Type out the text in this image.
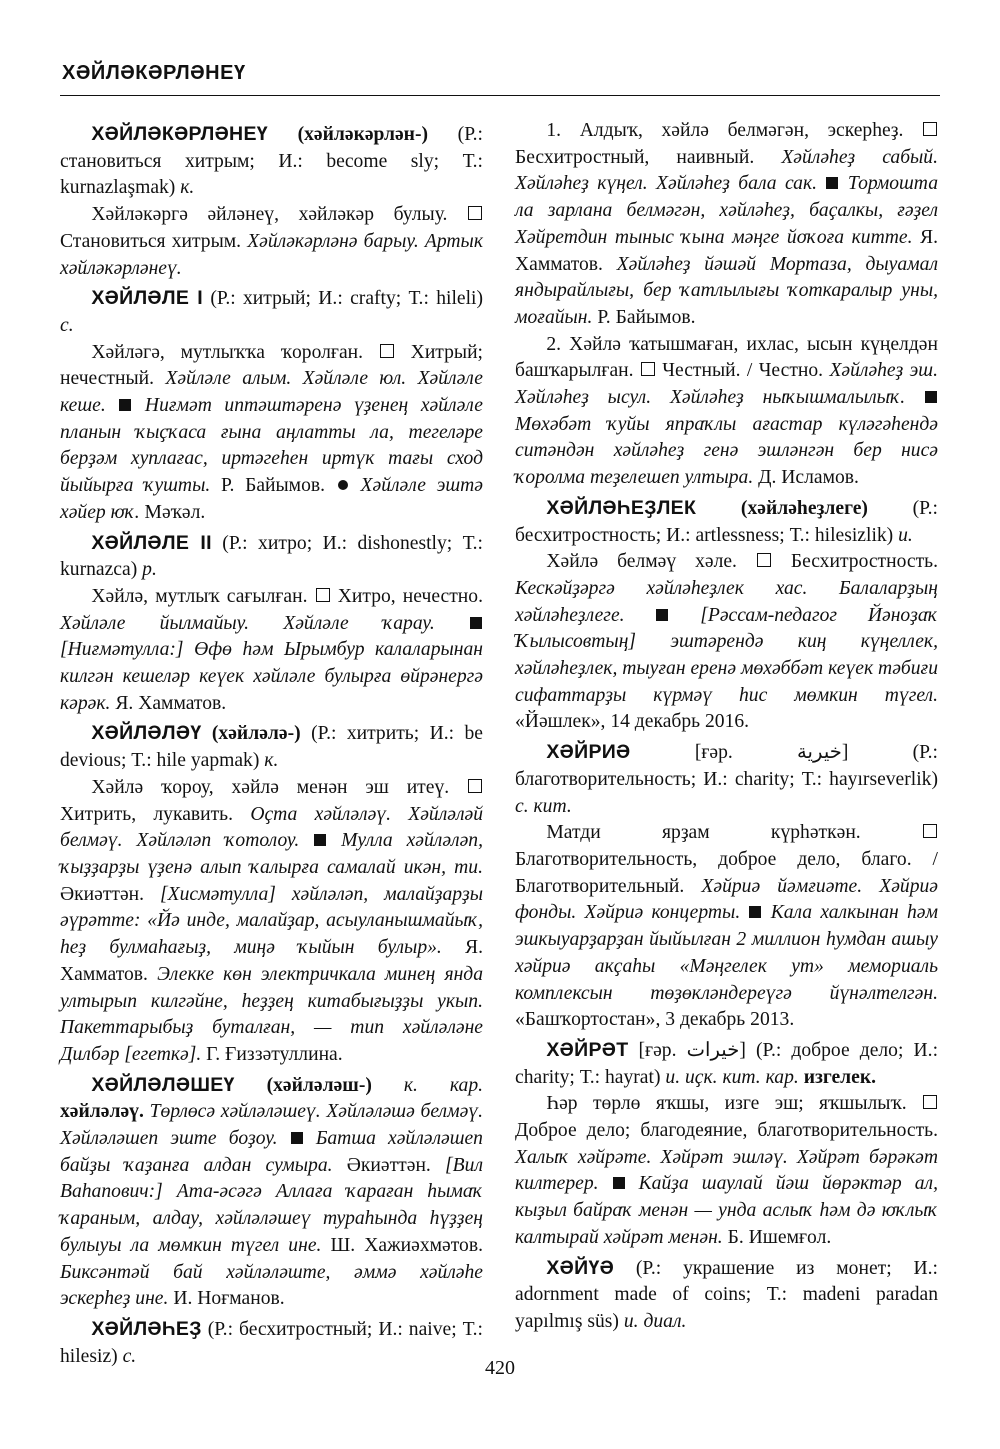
ХӘЙЛӘКӘРЛӘНЕҮ

ХӘЙЛӘКӘРЛӘНЕҮ (хәйләкәрлән-) (Р.: становиться хитрым; И.: become sly; Т.: kurnazlaşmak) к.

Хәйләкәргә әйләнеү, хәйләкәр булыу.  Становиться хитрым. Хәйләкәрләнә барыу. Артык хәйләкәрләнеү.

ХӘЙЛӘЛЕ I (Р.: хитрый; И.: crafty; Т.: hileli) с.

Хәйләгә, мутлыҡҡа ҡоролған. Хитрый; нечестный. Хәйләле алым. Хәйләле юл. Хәйләле кеше. Ниғмәт иптәштәренә үҙенең хәйләле планын ҡыҫҡаса ғына аңлатты ла, тегеләре берҙәм хуплағас, иртәгеһен иртүк тағы сход йыйырға ҡушты. Р. Байымов. Хәйләле эштә хәйер юҡ. Мәҡәл.

ХӘЙЛӘЛЕ II (Р.: хитро; И.: dishonestly; Т.: kurnazca) р.

Хәйлә, мутлыҡ сағылған. Хитро, нечестно. Хәйләле йылмайыу. Хәйләле ҡарау.  [Ниғмәтулла:] Өфө һәм Ырымбур калаларынан килгән кешеләр кеүек хәйләле булырға өйрәнергә кәрәк. Я. Хамматов.

ХӘЙЛӘЛӘҮ (хәйләлә-) (Р.: хитрить; И.: be devious; Т.: hile yapmak) к.

Хәйлә ҡороу, хәйлә менән эш итеү.  Хитрить, лукавить. Оҫта хәйләләү. Хәйләләй белмәү. Хәйләләп ҡотолоу. Мулла хәйләләп, ҡыҙҙарҙы үҙенә алып ҡалырға самалай икән, ти. Әкиәттән. [Хисмәтулла] хәйләләп, малайҙарҙы әүрәтте: «Йә инде, малайҙар, асыуланышмайыҡ, һеҙ булмаһағыҙ, миңә ҡыйын булыр». Я. Хамматов. Элекке көн электричкала минең янда ултырып килгәйне, һеҙҙең китабығыҙҙы укып. Пакеттарыбыҙ буталған, — тип хәйләләне Дилбәр [егеткә]. Г. Ғиззәтуллина.

ХӘЙЛӘЛӘШЕҮ (хәйләләш-) к. кар. хәйләләү. Төрлөсә хәйләләшеү. Хәйләләшә белмәү. Хәйләләшеп эште боҙоу. Батша хәйләләшеп байҙы ҡаҙанға алдан сумыра. Әкиәттән. [Вил Ваһапович:] Ата-әсәгә Аллаға ҡараған һымаҡ ҡараным, алдау, хәйләләшеү тураһында һүҙҙең булыуы ла мөмкин түгел ине. Ш. Хажиәхмәтов. Биксәнтәй бай хәйләләште, әммә хәйләһе эскерһеҙ ине. И. Ноғманов.

ХӘЙЛӘҺЕҘ (Р.: бесхитростный; И.: naive; Т.: hilesiz) с.

1. Алдыҡ, хәйлә белмәгән, эскерһеҙ.  Бесхитростный, наивный. Хәйләһеҙ сабый. Хәйләһеҙ күңел. Хәйләһеҙ бала сак. Тормошта ла зарлана белмәгән, хәйләһеҙ, баҫалкы, ғәҙел Хәйретдин тыныс ҡына мәңге йоҡоға китте. Я. Хамматов. Хәйләһеҙ йәшәй Мортаза, дыуамал яндырайлығы, бер ҡатлылығы ҡоткаралыр уны, моғайын. Р. Байымов.

2. Хәйлә ҡатышмаған, ихлас, ысын күңелдән башҡарылған. Честный. / Честно. Хәйләһеҙ эш. Хәйләһеҙ ысул. Хәйләһеҙ ныҡышмалылыҡ.  Мөхәбәт ҡуйы япраҡлы ағастар күләгәһендә ситәндән хәйләһеҙ генә эшләнгән бер нисә ҡоролма теҙелешеп ултыра. Д. Исламов.

ХӘЙЛӘҺЕҘЛЕК (хәйләһеҙлеге) (Р.: бесхитростность; И.: artlessness; Т.: hilesizlik) и.

Хәйлә белмәү хәле.	Бесхитростность. Кескәйҙәргә хәйләһеҙлек хас. Балаларҙың хәйләһеҙлеге.	[Рәссам-педагог Йәноҙаҡ Ҡылысовтың] эштәрендә киң күңеллек, хәйләһеҙлек, тыуған еренә мөхәббәт кеүек тәбиғи сифаттарҙы күрмәү һис мөмкин түгел. «Йәшлек», 14 декабрь 2016.

ХӘЙРИӘ	[ғәр. خيرية]	(Р.: благотворительность; И.: charity; Т.: hayırseverlik) с. кит.

Матди ярҙам күрһәткән.  Благотворительность, доброе дело, благо. / Благотворительный. Хәйриә йәмғиәте. Хәйриә фонды. Хәйриә концерты. Кала халкынан һәм эшкыуарҙарҙан йыйылған 2 миллион һумдан ашыу хәйриә акҫаһы «Мәңгелек ут» мемориаль комплексын төҙөкләндереүгә йүнәлтелгән. «Башҡортостан», 3 декабрь 2013.

ХӘЙРӘТ [ғәр. خيرات] (Р.: доброе дело; И.: charity; Т.: hayrat) и. иҫк. кит. кар. изгелек.

Һәр төрлө яҡшы, изге эш; яҡшылыҡ.  Доброе дело; благодеяние, благотворительность. Халыҡ хәйрәте. Хәйрәт эшләү. Хәйрәт бәрәкәт килтерер. Кайҙа шаулай йәш йөрәктәр ал, кыҙыл байраҡ менән — унда аслыҡ һәм дә юҡлыҡ калтырай хәйрәт менән. Б. Ишемғол.

ХӘЙҮӘ (Р.: украшение из монет; И.: adornment made of coins; Т.: madeni paradan yapılmış süs) и. диал.

420
